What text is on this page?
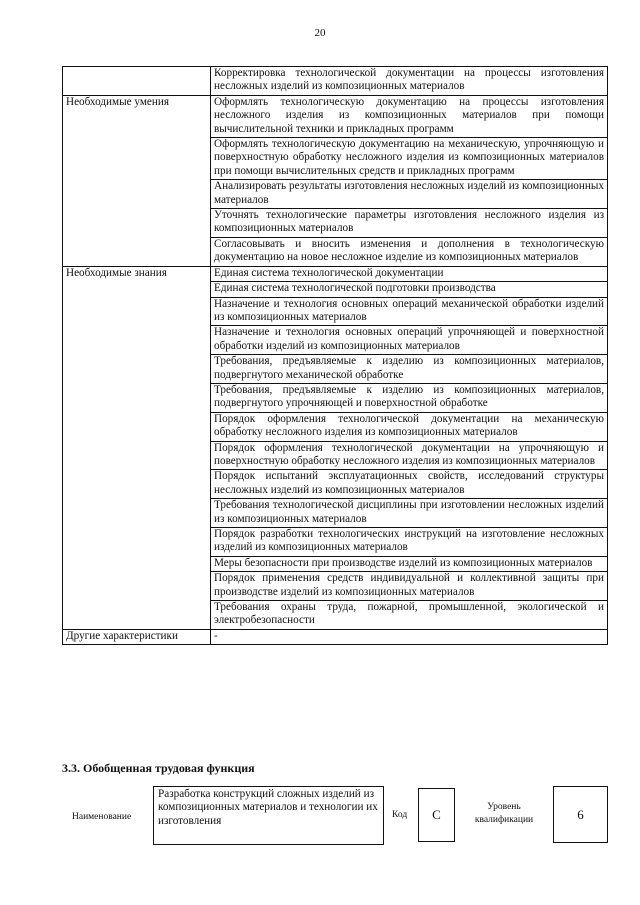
20
	Корректировка технологической документации на процессы изготовления несложных изделий из композиционных материалов
Необходимые умения	Оформлять технологическую документацию на процессы изготовления несложного изделия из композиционных материалов при помощи вычислительной техники и прикладных программ
	Оформлять технологическую документацию на механическую, упрочняющую и поверхностную обработку несложного изделия из композиционных материалов при помощи вычислительных средств и прикладных программ
	Анализировать результаты изготовления несложных изделий из композиционных материалов
	Уточнять технологические параметры изготовления несложного изделия из композиционных материалов
	Согласовывать и вносить изменения и дополнения в технологическую документацию на новое несложное изделие из композиционных материалов
Необходимые знания	Единая система технологической документации
	Единая система технологической подготовки производства
	Назначение и технология основных операций механической обработки изделий из композиционных материалов
	Назначение и технология основных операций упрочняющей и поверхностной обработки изделий из композиционных материалов
	Требования, предъявляемые к изделию из композиционных материалов, подвергнутого механической обработке
	Требования, предъявляемые к изделию из композиционных материалов, подвергнутого упрочняющей и поверхностной обработке
	Порядок оформления технологической документации на механическую обработку несложного изделия из композиционных материалов
	Порядок оформления технологической документации на упрочняющую и поверхностную обработку несложного изделия из композиционных материалов
	Порядок испытаний эксплуатационных свойств, исследований структуры несложных изделий из композиционных материалов
	Требования технологической дисциплины при изготовлении несложных изделий из композиционных материалов
	Порядок разработки технологических инструкций на изготовление несложных изделий из композиционных материалов
	Меры безопасности при производстве изделий из композиционных материалов
	Порядок применения средств индивидуальной и коллективной защиты при производстве изделий из композиционных материалов
	Требования охраны труда, пожарной, промышленной, экологической и электробезопасности
Другие характеристики	-
3.3. Обобщенная трудовая функция
Наименование
Разработка конструкций сложных изделий из композиционных материалов и технологии их изготовления	Код	С	Уровень квалификации	6
